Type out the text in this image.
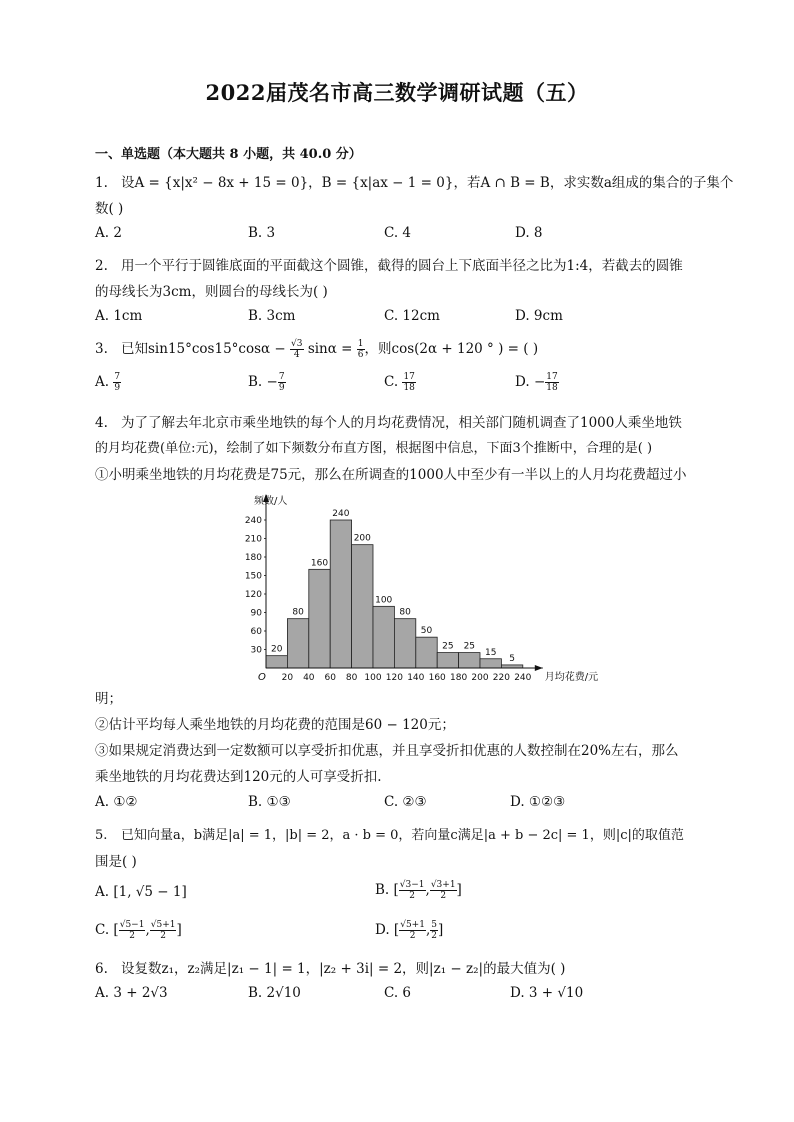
2022届茂名市高三数学调研试题（五）
一、单选题（本大题共 8 小题，共 40.0 分）
1. 设A = {x|x² − 8x + 15 = 0}，B = {x|ax − 1 = 0}，若A ∩ B = B，求实数a组成的集合的子集个
数( )
A. 2	B. 3	C. 4	D. 8
2. 用一个平行于圆锥底面的平面截这个圆锥，截得的圆台上下底面半径之比为1:4，若截去的圆锥
的母线长为3cm，则圆台的母线长为( )
A. 1cm	B. 3cm	C. 12cm	D. 9cm
3. 已知$\sin 15^\circ\cos 15^\circ\cos\alpha - \frac{√3}{4}$ $\sin\alpha = \frac{1}{6}$ ，则cos(2α + 120 ° ) = ( )
A. $\frac{7}{9}$	B. − $\frac{7}{9}$	C. $\frac{17}{18}$	D. − $\frac{17}{18}$
4. 为了了解去年北京市乘坐地铁的每个人的月均花费情况，相关部门随机调查了1000人乘坐地铁
的月均花费(单位:元)，绘制了如下频数分布直方图，根据图中信息，下面3个推断中，合理的是( )
①小明乘坐地铁的月均花费是75元，那么在所调查的1000人中至少有一半以上的人月均花费超过小
20
80
160
240
200
100
80
50
25 25
15
5
频数/人
30
60
90
120
150
180
210
240
O 20 40 60 80 100 120 140 160 180 200 220 240 月均花费/元
明；
②估计平均每人乘坐地铁的月均花费的范围是60 − 120元；
③如果规定消费达到一定数额可以享受折扣优惠，并且享受折扣优惠的人数控制在20%左右，那么
乘坐地铁的月均花费达到120元的人可享受折扣.
A. ①②	B. ①③	C. ②③	D. ①②③
5. 已知向量a，b满足|a| = 1，|b| = 2，a · b = 0，若向量c满足|a + b − 2c| = 1，则|c|的取值范
围是( )
A. [1, √5 − 1]	B. [ $\frac{√3-1}{2}$ , $\frac{√3+1}{2}$ ]
C. [ $\frac{√5-1}{2}$ , $\frac{√5+1}{2}$ ]	D. [ $\frac{√5+1}{2}$ , $\frac{5}{2}$ ]
6. 设复数z₁，z₂满足|z₁ − 1| = 1，|z₂ + 3i| = 2，则|z₁ − z₂|的最大值为( )
A. 3 + 2√3	B. 2√10	C. 6	D. 3 + √10
